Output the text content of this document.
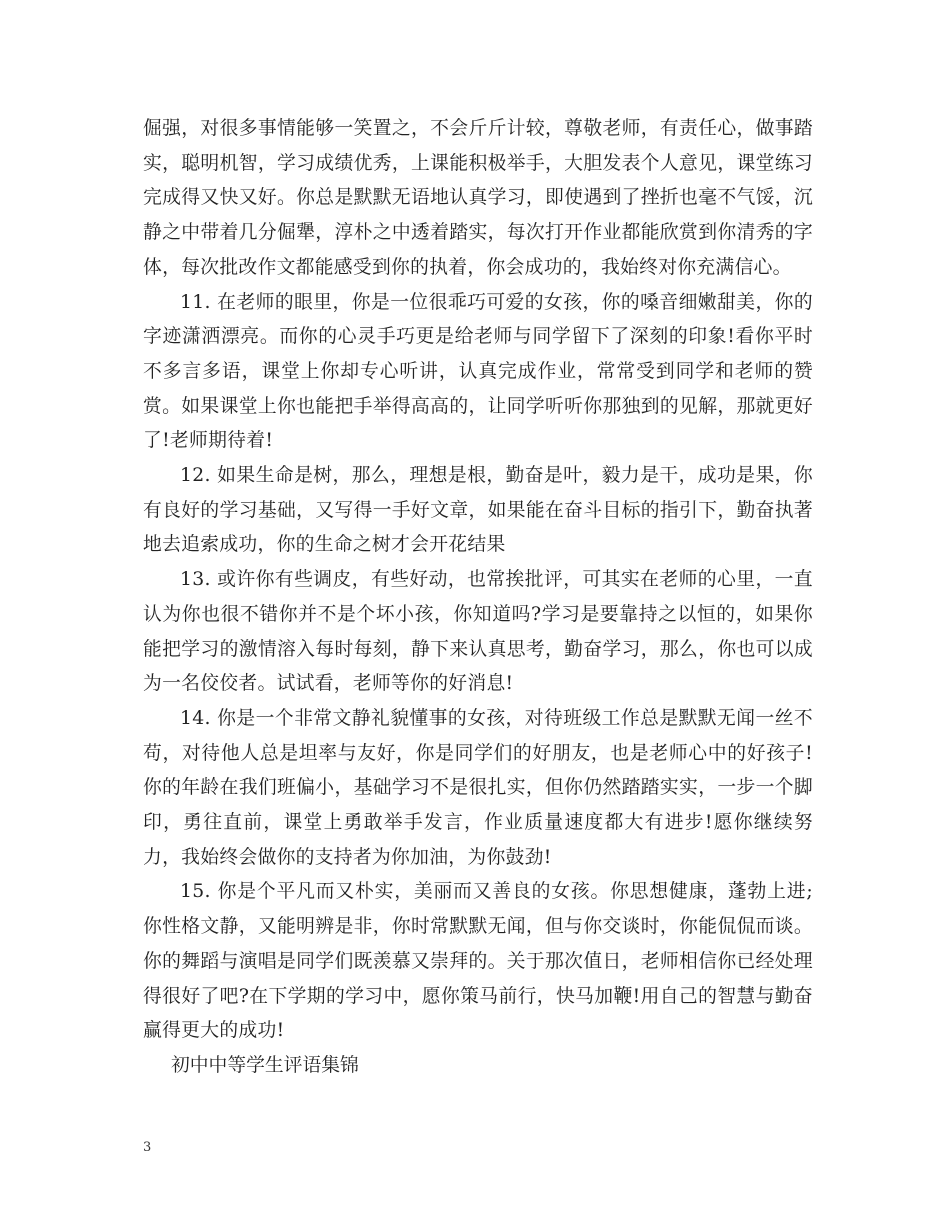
倔强，对很多事情能够一笑置之，不会斤斤计较，尊敬老师，有责任心，做事踏实，聪明机智，学习成绩优秀，上课能积极举手，大胆发表个人意见，课堂练习完成得又快又好。你总是默默无语地认真学习，即使遇到了挫折也毫不气馁，沉静之中带着几分倔犟，淳朴之中透着踏实，每次打开作业都能欣赏到你清秀的字体，每次批改作文都能感受到你的执着，你会成功的，我始终对你充满信心。

11. 在老师的眼里，你是一位很乖巧可爱的女孩，你的嗓音细嫩甜美，你的字迹潇洒漂亮。而你的心灵手巧更是给老师与同学留下了深刻的印象!看你平时不多言多语，课堂上你却专心听讲，认真完成作业，常常受到同学和老师的赞赏。如果课堂上你也能把手举得高高的，让同学听听你那独到的见解，那就更好了!老师期待着!

12. 如果生命是树，那么，理想是根，勤奋是叶，毅力是干，成功是果，你有良好的学习基础，又写得一手好文章，如果能在奋斗目标的指引下，勤奋执著地去追索成功，你的生命之树才会开花结果

13. 或许你有些调皮，有些好动，也常挨批评，可其实在老师的心里，一直认为你也很不错你并不是个坏小孩，你知道吗?学习是要靠持之以恒的，如果你能把学习的激情溶入每时每刻，静下来认真思考，勤奋学习，那么，你也可以成为一名佼佼者。试试看，老师等你的好消息!

14. 你是一个非常文静礼貌懂事的女孩，对待班级工作总是默默无闻一丝不苟，对待他人总是坦率与友好，你是同学们的好朋友，也是老师心中的好孩子!你的年龄在我们班偏小，基础学习不是很扎实，但你仍然踏踏实实，一步一个脚印，勇往直前，课堂上勇敢举手发言，作业质量速度都大有进步!愿你继续努力，我始终会做你的支持者为你加油，为你鼓劲!

15. 你是个平凡而又朴实，美丽而又善良的女孩。你思想健康，蓬勃上进;你性格文静，又能明辨是非，你时常默默无闻，但与你交谈时，你能侃侃而谈。你的舞蹈与演唱是同学们既羡慕又崇拜的。关于那次值日，老师相信你已经处理得很好了吧?在下学期的学习中，愿你策马前行，快马加鞭!用自己的智慧与勤奋赢得更大的成功!

初中中等学生评语集锦

3
